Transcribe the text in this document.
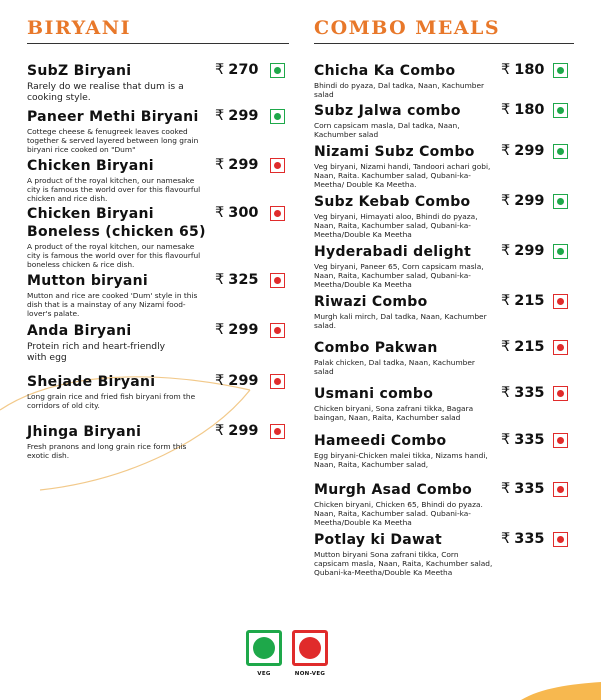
BIRYANI
SubZ Biryani
Rarely do we realise that dum is a cooking style.
₹ 270
Paneer Methi Biryani
Cottege cheese & fenugreek leaves cooked together & served layered between long grain biryani rice cooked on "Dum"
₹ 299
Chicken Biryani
A product of the royal kitchen, our namesake city is famous the world over for this flavourful chicken and rice dish.
₹ 299
Chicken Biryani Boneless (chicken 65)
A product of the royal kitchen, our namesake city is famous the world over for this flavourful boneless chicken & rice dish.
₹ 300
Mutton biryani
Mutton and rice are cooked 'Dum' style in this dish that is a mainstay of any Nizami food-lover's palate.
₹ 325
Anda Biryani
Protein rich and heart-friendly with egg
₹ 299
Shejade Biryani
Long grain rice and fried fish biryani from the corridors of old city.
₹ 299
Jhinga Biryani
Fresh pranons and long grain rice form this exotic dish.
₹ 299
COMBO MEALS
Chicha Ka Combo
Bhindi do pyaza, Dal tadka, Naan, Kachumber salad
₹ 180
Subz Jalwa combo
Corn capsicam masla, Dal tadka, Naan, Kachumber salad
₹ 180
Nizami Subz Combo
Veg biryani, Nizami handi, Tandoori achari gobi, Naan, Raita. Kachumber salad, Qubani-ka-Meetha/ Double Ka Meetha.
₹ 299
Subz Kebab Combo
Veg biryani, Himayati aloo, Bhindi do pyaza, Naan, Raita, Kachumber salad, Qubani-ka-Meetha/Double Ka Meetha
₹ 299
Hyderabadi delight
Veg biryani, Paneer 65, Corn capsicam masla, Naan, Raita, Kachumber salad, Qubani-ka-Meetha/Double Ka Meetha
₹ 299
Riwazi Combo
Murgh kali mirch, Dal tadka, Naan, Kachumber salad.
₹ 215
Combo Pakwan
Palak chicken, Dal tadka, Naan, Kachumber salad
₹ 215
Usmani combo
Chicken biryani, Sona zafrani tikka, Bagara baingan, Naan, Raita, Kachumber salad
₹ 335
Hameedi Combo
Egg biryani-Chicken malei tikka, Nizams handi, Naan, Raita, Kachumber salad,
₹ 335
Murgh Asad Combo
Chicken biryani, Chicken 65, Bhindi do pyaza. Naan, Raita, Kachumber salad. Qubani-ka-Meetha/Double Ka Meetha
₹ 335
Potlay ki Dawat
Mutton biryani Sona zafrani tikka, Corn capsicam masla, Naan, Raita, Kachumber salad, Qubani-ka-Meetha/Double Ka Meetha
₹ 335
VEG	NON-VEG
